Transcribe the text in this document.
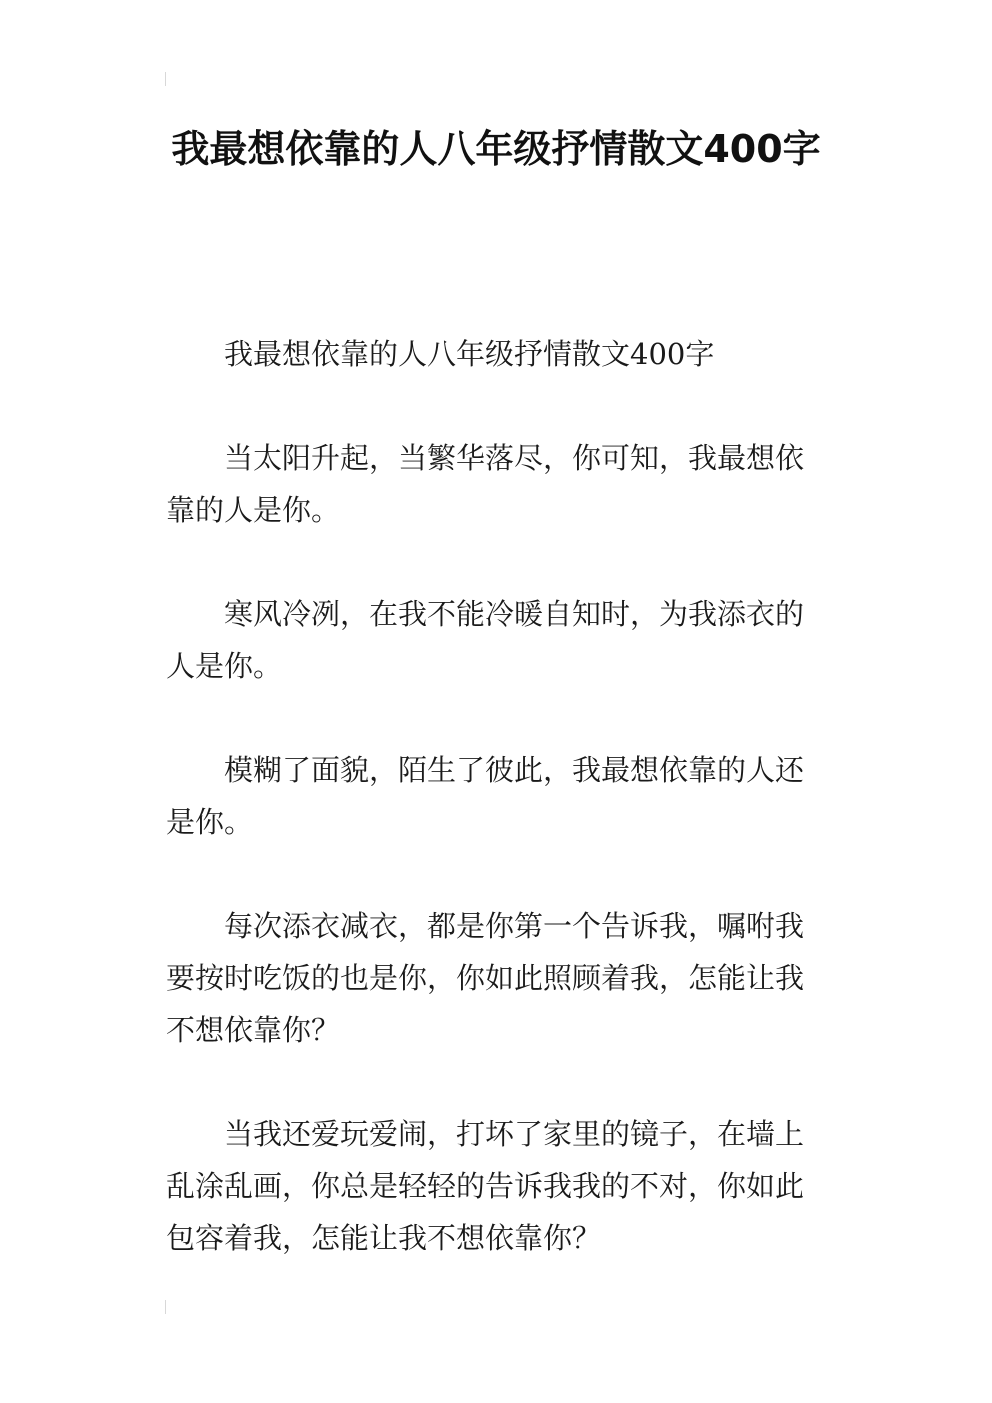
我最想依靠的人八年级抒情散文400字

我最想依靠的人八年级抒情散文400字

当太阳升起，当繁华落尽，你可知，我最想依靠的人是你。

寒风冷冽，在我不能冷暖自知时，为我添衣的人是你。

模糊了面貌，陌生了彼此，我最想依靠的人还是你。

每次添衣减衣，都是你第一个告诉我，嘱咐我要按时吃饭的也是你，你如此照顾着我，怎能让我不想依靠你？

当我还爱玩爱闹，打坏了家里的镜子，在墙上乱涂乱画，你总是轻轻的告诉我我的不对，你如此包容着我，怎能让我不想依靠你？
